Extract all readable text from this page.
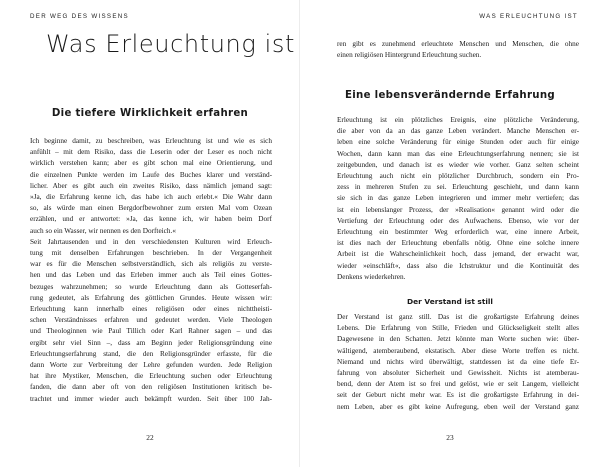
DER WEG DES WISSENS
Was Erleuchtung ist
Die tiefere Wirklichkeit erfahren
Ich beginne damit, zu beschreiben, was Erleuchtung ist und wie es sich
anfühlt – mit dem Risiko, dass die Leserin oder der Leser es noch nicht
wirklich verstehen kann; aber es gibt schon mal eine Orientierung, und
die einzelnen Punkte werden im Laufe des Buches klarer und verständ-
licher. Aber es gibt auch ein zweites Risiko, dass nämlich jemand sagt:
»Ja, die Erfahrung kenne ich, das habe ich auch erlebt.« Die Wahr dann
so, als würde man einen Bergdorfbewohner zum ersten Mal vom Ozean
erzählen, und er antwortet: »Ja, das kenne ich, wir haben beim Dorf
auch so ein Wasser, wir nennen es den Dorfteich.«
Seit Jahrtausenden und in den verschiedensten Kulturen wird Erleuch-
tung mit denselben Erfahrungen beschrieben. In der Vergangenheit
war es für die Menschen selbstverständlich, sich als religiös zu verste-
hen und das Leben und das Erleben immer auch als Teil eines Gottes-
bezuges wahrzunehmen; so wurde Erleuchtung dann als Gotteserfah-
rung gedeutet, als Erfahrung des göttlichen Grundes. Heute wissen wir:
Erleuchtung kann innerhalb eines religiösen oder eines nichttheisti-
schen Verständnisses erfahren und gedeutet werden. Viele Theologen
und Theologinnen wie Paul Tillich oder Karl Rahner sagen – und das
ergibt sehr viel Sinn –, dass am Beginn jeder Religionsgründung eine
Erleuchtungserfahrung stand, die den Religionsgründer erfasste, für die
dann Worte zur Verbreitung der Lehre gefunden wurden. Jede Religion
hat ihre Mystiker, Menschen, die Erleuchtung suchen oder Erleuchtung
fanden, die dann aber oft von den religiösen Institutionen kritisch be-
trachtet und immer wieder auch bekämpft wurden. Seit über 100 Jah-
22
WAS ERLEUCHTUNG IST
ren gibt es zunehmend erleuchtete Menschen und Menschen, die ohne
einen religiösen Hintergrund Erleuchtung suchen.
Eine lebensverändernde Erfahrung
Erleuchtung ist ein plötzliches Ereignis, eine plötzliche Veränderung,
die aber von da an das ganze Leben verändert. Manche Menschen er-
leben eine solche Veränderung für einige Stunden oder auch für einige
Wochen, dann kann man das eine Erleuchtungserfahrung nennen; sie ist
zeitgebunden, und danach ist es wieder wie vorher. Ganz selten scheint
Erleuchtung auch nicht ein plötzlicher Durchbruch, sondern ein Pro-
zess in mehreren Stufen zu sei. Erleuchtung geschieht, und dann kann
sie sich in das ganze Leben integrieren und immer mehr vertiefen; das
ist ein lebenslanger Prozess, der »Realisation« genannt wird oder die
Vertiefung der Erleuchtung oder des Aufwachens. Ebenso, wie vor der
Erleuchtung ein bestimmter Weg erforderlich war, eine innere Arbeit,
ist dies nach der Erleuchtung ebenfalls nötig. Ohne eine solche innere
Arbeit ist die Wahrscheinlichkeit hoch, dass jemand, der erwacht war,
wieder »einschläft«, dass also die Ichstruktur und die Kontinuität des
Denkens wiederkehren.
Der Verstand ist still
Der Verstand ist ganz still. Das ist die großartigste Erfahrung deines
Lebens. Die Erfahrung von Stille, Frieden und Glückseligkeit stellt alles
Dagewesene in den Schatten. Jetzt könnte man Worte suchen wie: über-
wältigend, atemberaubend, ekstatisch. Aber diese Worte treffen es nicht.
Niemand und nichts wird überwältigt, stattdessen ist da eine tiefe Er-
fahrung von absoluter Sicherheit und Gewissheit. Nichts ist atemberau-
bend, denn der Atem ist so frei und gelöst, wie er seit Langem, vielleicht
seit der Geburt nicht mehr war. Es ist die großartigste Erfahrung in dei-
nem Leben, aber es gibt keine Aufregung, eben weil der Verstand ganz
23
